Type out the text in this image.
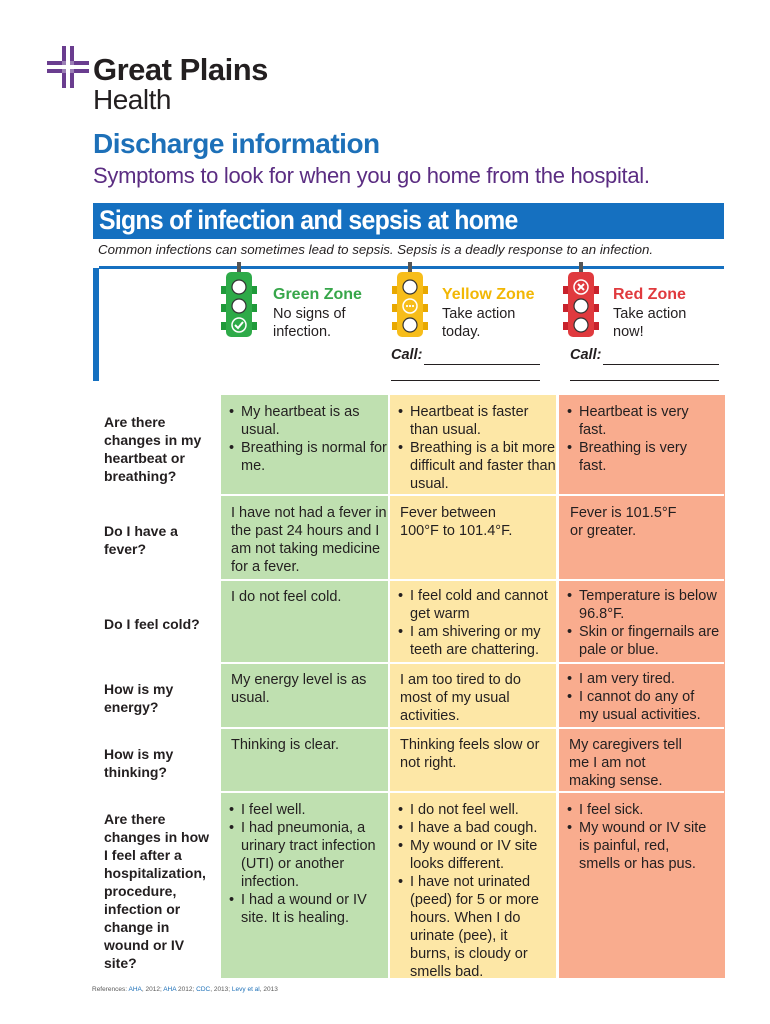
Great Plains
Health
Discharge information
Symptoms to look for when you go home from the hospital.
Signs of infection and sepsis at home
Common infections can sometimes lead to sepsis. Sepsis is a deadly response to an infection.
Green Zone
No signs of
infection.
Yellow Zone
Take action
today.
Red Zone
Take action
now!
Call:	Call:
Are there changes in my heartbeat or breathing?
• My heartbeat is as usual.
• Breathing is normal for me.
• Heartbeat is faster than usual.
• Breathing is a bit more difficult and faster than usual.
• Heartbeat is very fast.
• Breathing is very fast.
Do I have a fever?
I have not had a fever in the past 24 hours and I am not taking medicine for a fever.
Fever between 100°F to 101.4°F.
Fever is 101.5°F or greater.
Do I feel cold?
I do not feel cold.
•	I feel cold and cannot get warm
• I am shivering or my teeth are chattering.
• Temperature is below 96.8°F.
• Skin or fingernails are pale or blue.
How is my energy?
My energy level is as usual.
I am too tired to do most of my usual activities.
• I am very tired.
• I cannot do any of my usual activities.
How is my thinking?
Thinking is clear.	Thinking feels slow or not right.
My caregivers tell me I am not making sense.
Are there changes in how I feel after a hospitalization, procedure, infection or change in wound or IV site?
• I feel well.
• I had pneumonia, a urinary tract infection (UTI) or another infection.
• I had a wound or IV site. It is healing.
• I do not feel well.
• I have a bad cough.
• My wound or IV site looks different.
• I have not urinated (peed) for 5 or more hours. When I do urinate (pee), it burns, is cloudy or smells bad.
• I feel sick.
• My wound or IV site is painful, red, smells or has pus.
References: AHA, 2012; AHA 2012; CDC, 2013; Levy et al, 2013
